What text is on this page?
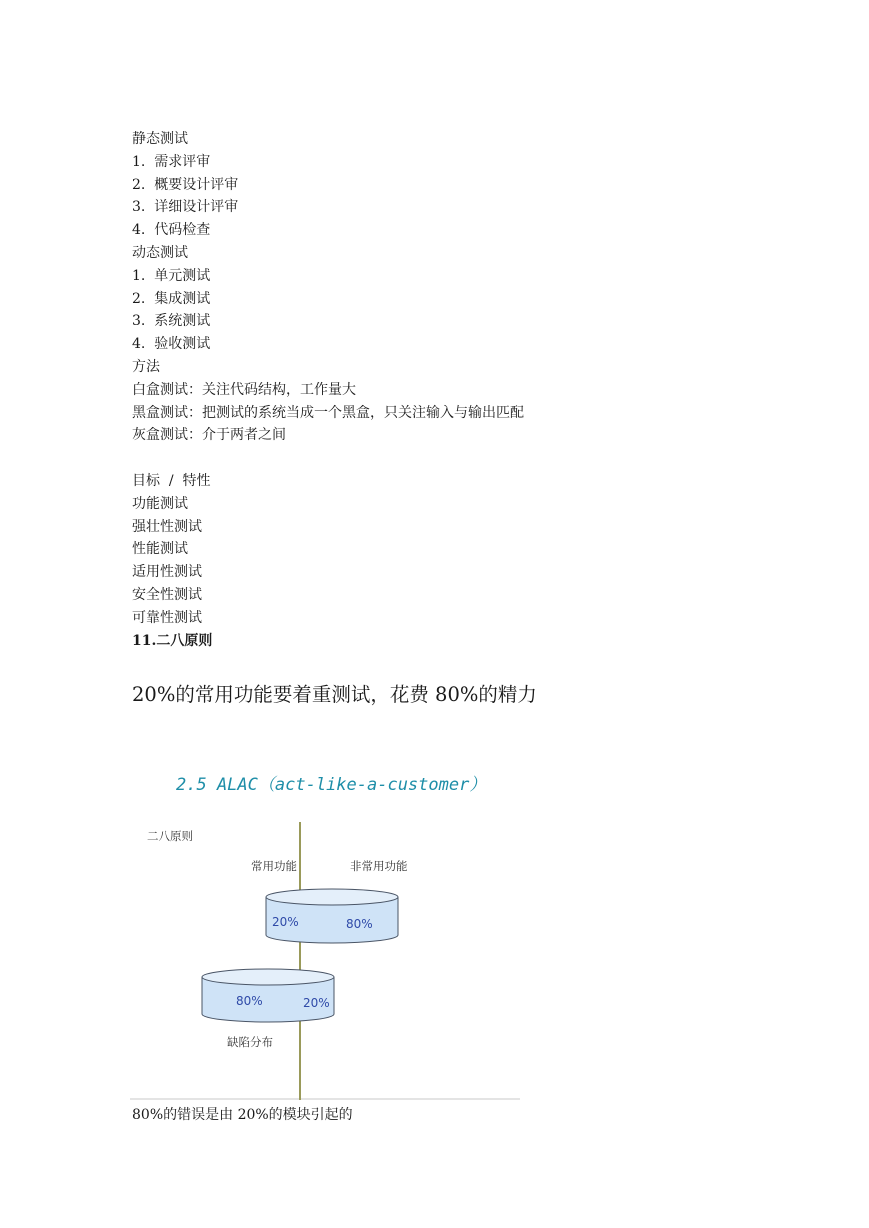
静态测试
1.  需求评审
2.  概要设计评审
3.  详细设计评审
4.  代码检查
动态测试
1.  单元测试
2.  集成测试
3.  系统测试
4.  验收测试
方法
白盒测试：关注代码结构，工作量大
黑盒测试：把测试的系统当成一个黑盒，只关注输入与输出匹配
灰盒测试：介于两者之间

目标  /  特性
功能测试
强壮性测试
性能测试
适用性测试
安全性测试
可靠性测试
11.二八原则
20%的常用功能要着重测试，花费 80%的精力
2.5 ALAC（act-like-a-customer）
二八原则
常用功能	非常用功能
20%	80%
80%	20%
缺陷分布
80%的错误是由 20%的模块引起的
